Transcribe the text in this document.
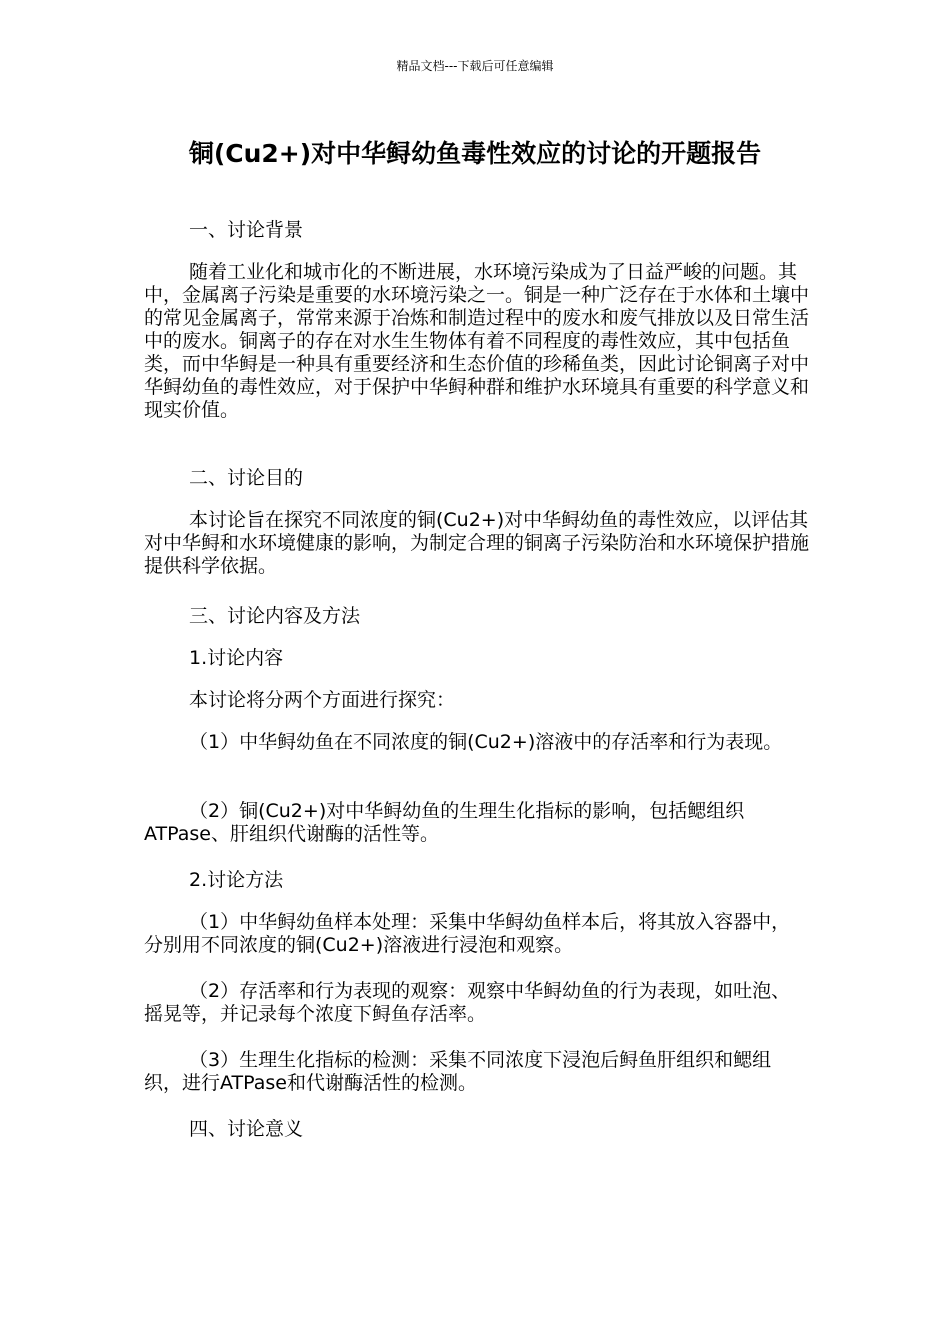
精品文档---下载后可任意编辑
铜(Cu2+)对中华鲟幼鱼毒性效应的讨论的开题报告

一、讨论背景

随着工业化和城市化的不断进展，水环境污染成为了日益严峻的问题。其中，金属离子污染是重要的水环境污染之一。铜是一种广泛存在于水体和土壤中的常见金属离子，常常来源于冶炼和制造过程中的废水和废气排放以及日常生活中的废水。铜离子的存在对水生生物体有着不同程度的毒性效应，其中包括鱼类，而中华鲟是一种具有重要经济和生态价值的珍稀鱼类，因此讨论铜离子对中华鲟幼鱼的毒性效应，对于保护中华鲟种群和维护水环境具有重要的科学意义和现实价值。

二、讨论目的

本讨论旨在探究不同浓度的铜(Cu2+)对中华鲟幼鱼的毒性效应，以评估其对中华鲟和水环境健康的影响，为制定合理的铜离子污染防治和水环境保护措施提供科学依据。

三、讨论内容及方法

1.讨论内容

本讨论将分两个方面进行探究：

（1）中华鲟幼鱼在不同浓度的铜(Cu2+)溶液中的存活率和行为表现。

（2）铜(Cu2+)对中华鲟幼鱼的生理生化指标的影响，包括鳃组织ATPase、肝组织代谢酶的活性等。

2.讨论方法

（1）中华鲟幼鱼样本处理：采集中华鲟幼鱼样本后，将其放入容器中，分别用不同浓度的铜(Cu2+)溶液进行浸泡和观察。

（2）存活率和行为表现的观察：观察中华鲟幼鱼的行为表现，如吐泡、摇晃等，并记录每个浓度下鲟鱼存活率。

（3）生理生化指标的检测：采集不同浓度下浸泡后鲟鱼肝组织和鳃组织，进行ATPase和代谢酶活性的检测。

四、讨论意义
